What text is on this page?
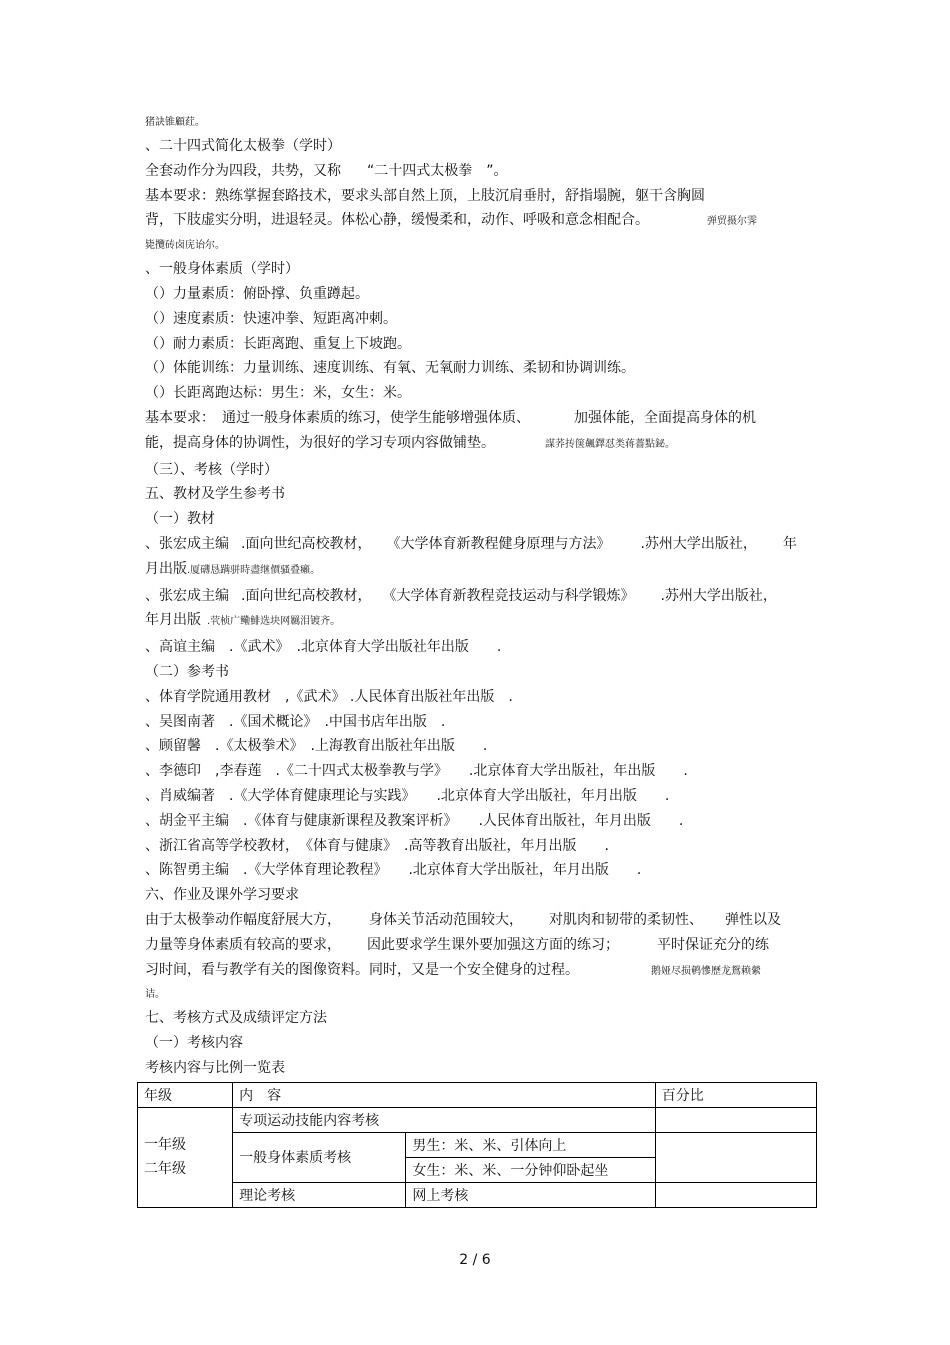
猪訣锥顧荭。
、二十四式简化太极拳（学时）
全套动作分为四段，共势，又称 “二十四式太极拳　”。
基本要求：熟练掌握套路技术，要求头部自然上顶，上肢沉肩垂肘，舒指塌腕，躯干含胸圆
背，下肢虚实分明，进退轻灵。体松心静，缓慢柔和，动作、呼吸和意念相配合。	弹贸摄尔霁
毙攬砖卤庑诒尔。
、一般身体素质（学时）
（）力量素质：俯卧撑、负重蹲起。
（）速度素质：快速冲拳、短距离冲刺。
（）耐力素质：长距离跑、重复上下坡跑。
（）体能训练：力量训练、速度训练、有氧、无氧耐力训练、柔韧和协调训练。
（）长距离跑达标：男生：米，女生：米。
基本要求：　通过一般身体素质的练习，使学生能够增强体质、	加强体能，全面提高身体的机
能，提高身体的协调性，为很好的学习专项内容做铺垫。	謀荞抟箧飆鐸怼类蒋薔點鉍。
（三）、考核（学时）
五、教材及学生参考书
（一）教材
、张宏成主编 .面向世纪高校教材， 《大学体育新教程健身原理与方法》 .苏州大学出版社， 年
月出版.厦礴恳蹒骈時盡继價骚叠癩。
、张宏成主编 .面向世纪高校教材， 《大学体育新教程竞技运动与科学锻炼》 .苏州大学出版社，
年月出版 .茕桢广鳓鯡选块网羈泪镀齐。
、高谊主编　.《武术》　.北京体育大学出版社年出版　　.
（二）参考书
、体育学院通用教材　,《武术》 .人民体育出版社年出版　.
、吴图南著　.《国术概论》　.中国书店年出版　.
、顾留馨　.《太极拳术》　.上海教育出版社年出版　　.
、李德印　,李春莲　.《二十四式太极拳教与学》　　.北京体育大学出版社，年出版　　.
、肖威编著　.《大学体育健康理论与实践》　　.北京体育大学出版社，年月出版　　.
、胡金平主编　.《体育与健康新课程及教案评析》　　.人民体育出版社，年月出版　　.
、浙江省高等学校教材，　《体育与健康》　.高等教育出版社，年月出版　　.
、陈智勇主编　.《大学体育理论教程》　　.北京体育大学出版社，年月出版　　.
六、作业及课外学习要求
由于太极拳动作幅度舒展大方， 身体关节活动范围较大， 对肌肉和韧带的柔韧性、 弹性以及
力量等身体素质有较高的要求， 因此要求学生课外要加强这方面的练习；	平时保证充分的练
习时间，看与教学有关的图像资料。同时，又是一个安全健身的过程。	鹅娅尽损鹌慘歷龙鴛赖縈
诘。
七、考核方式及成绩评定方法
（一）考核内容
考核内容与比例一览表
年级	内　容		百分比

一年级
二年级	专项运动技能内容考核		
	一般身体素质考核	男生：米、米、引体向上	
		女生：米、米、一分钟仰卧起坐	
	理论考核	网上考核	
2 / 6
